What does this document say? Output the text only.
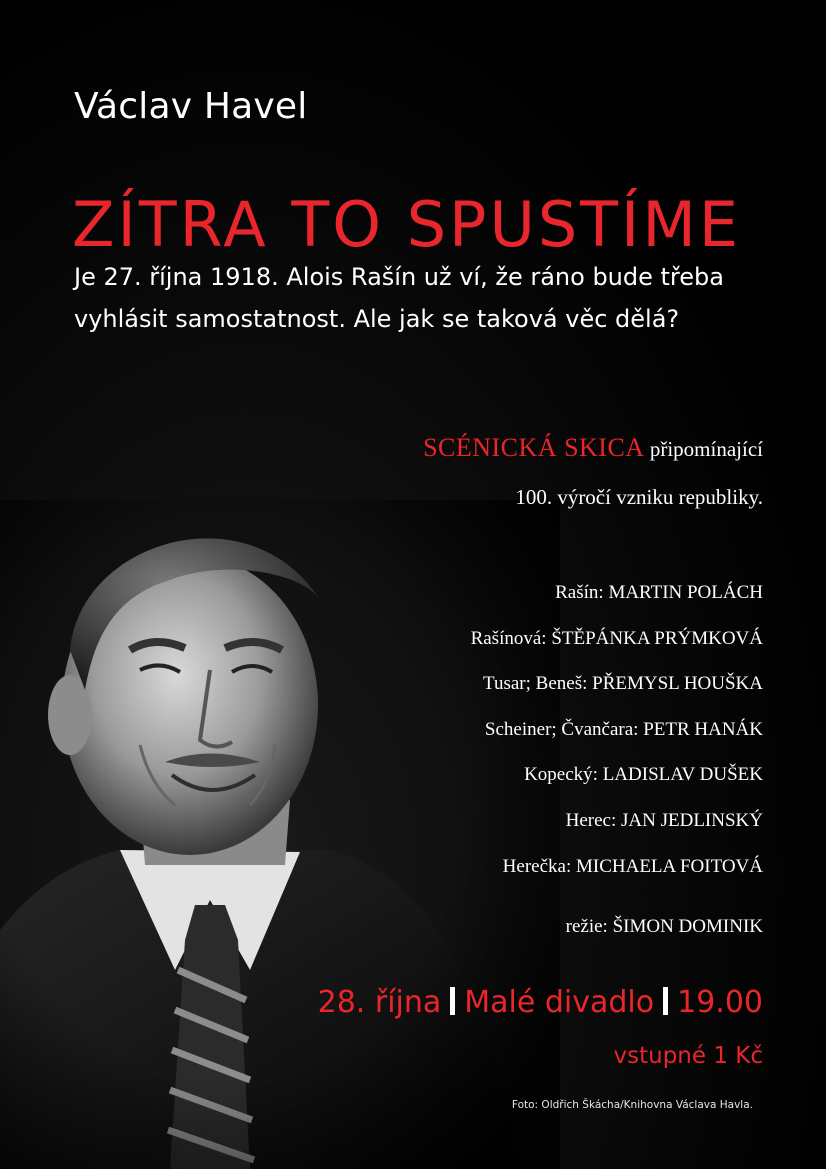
Václav Havel
ZÍTRA TO SPUSTÍME
Je 27. října 1918. Alois Rašín už ví, že ráno bude třeba
vyhlásit samostatnost. Ale jak se taková věc dělá?
SCÉNICKÁ SKICA připomínající
100. výročí vzniku republiky.
Rašín: MARTIN POLÁCH
Rašínová: ŠTĚPÁNKA PRÝMKOVÁ
Tusar; Beneš: PŘEMYSL HOUŠKA
Scheiner; Čvančara: PETR HANÁK
Kopecký: LADISLAV DUŠEK
Herec: JAN JEDLINSKÝ
Herečka: MICHAELA FOITOVÁ
režie: ŠIMON DOMINIK
28. října Malé divadlo 19.00
vstupné 1 Kč
Foto: Oldřich Škácha/Knihovna Václava Havla.
